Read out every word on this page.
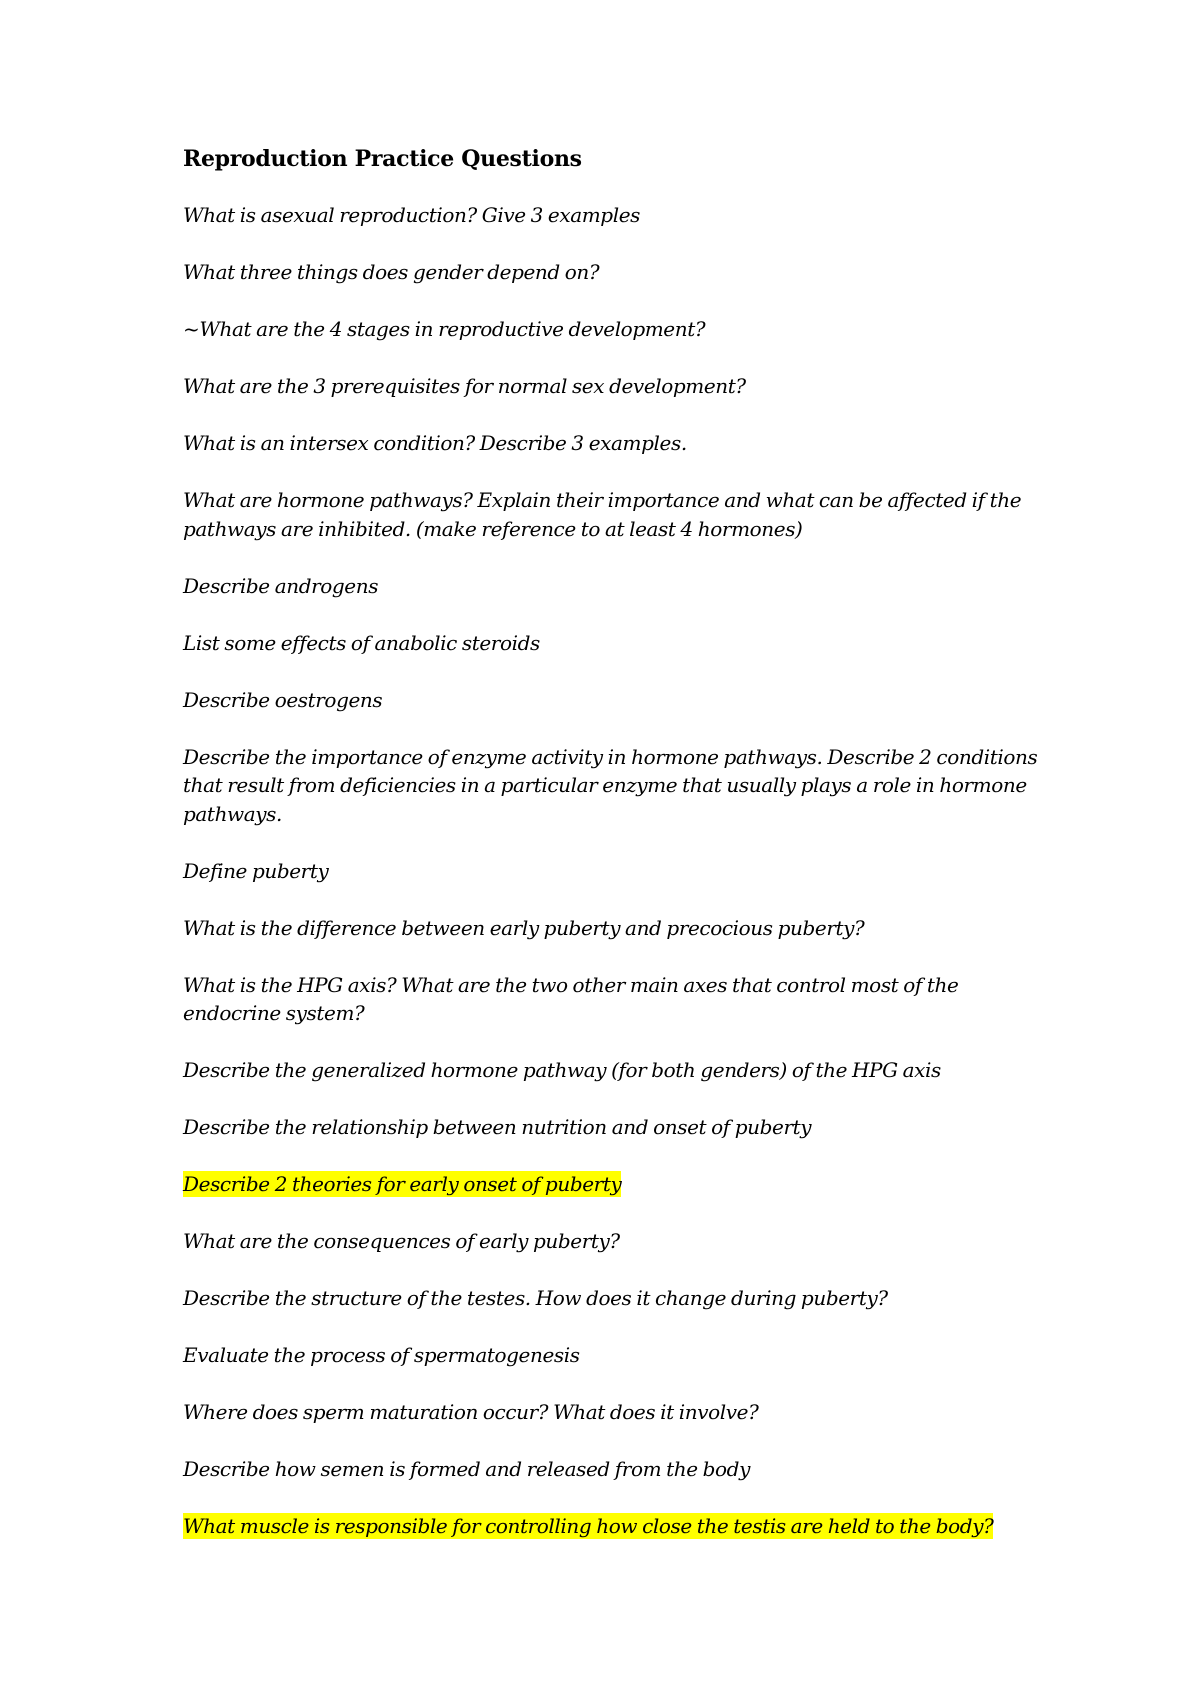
Reproduction Practice Questions
What is asexual reproduction? Give 3 examples
What three things does gender depend on?
~What are the 4 stages in reproductive development?
What are the 3 prerequisites for normal sex development?
What is an intersex condition? Describe 3 examples.
What are hormone pathways? Explain their importance and what can be affected if the pathways are inhibited. (make reference to at least 4 hormones)
Describe androgens
List some effects of anabolic steroids
Describe oestrogens
Describe the importance of enzyme activity in hormone pathways. Describe 2 conditions that result from deficiencies in a particular enzyme that usually plays a role in hormone pathways.
Define puberty
What is the difference between early puberty and precocious puberty?
What is the HPG axis? What are the two other main axes that control most of the endocrine system?
Describe the generalized hormone pathway (for both genders) of the HPG axis
Describe the relationship between nutrition and onset of puberty
Describe 2 theories for early onset of puberty
What are the consequences of early puberty?
Describe the structure of the testes. How does it change during puberty?
Evaluate the process of spermatogenesis
Where does sperm maturation occur? What does it involve?
Describe how semen is formed and released from the body
What muscle is responsible for controlling how close the testis are held to the body?
